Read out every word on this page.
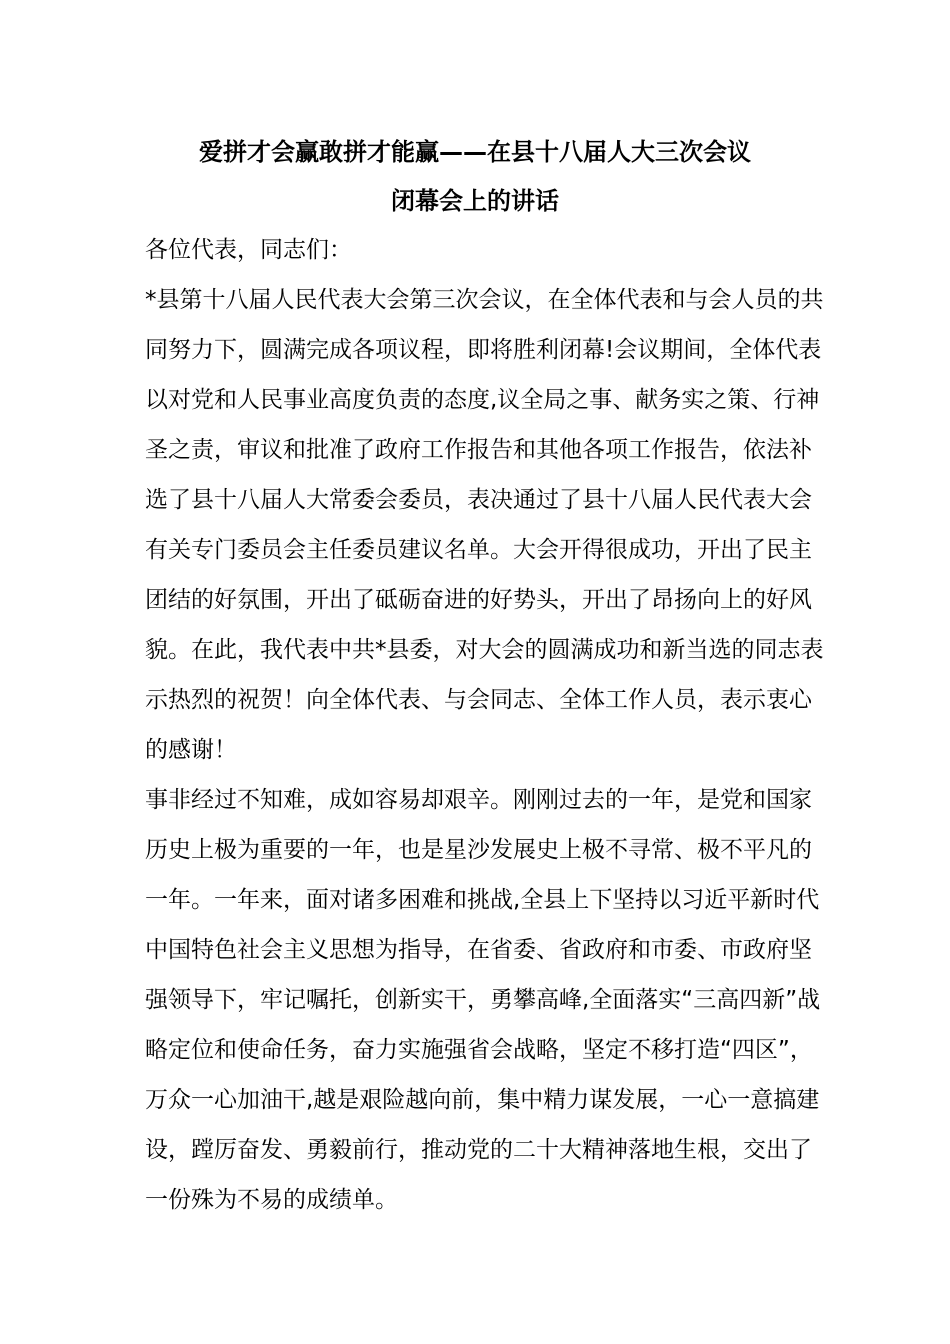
爱拼才会赢敢拼才能赢——在县十八届人大三次会议
闭幕会上的讲话
各位代表，同志们：
*县第十八届人民代表大会第三次会议，在全体代表和与会人员的共
同努力下，圆满完成各项议程，即将胜利闭幕!会议期间，全体代表
以对党和人民事业高度负责的态度,议全局之事、献务实之策、行神
圣之责，审议和批准了政府工作报告和其他各项工作报告，依法补
选了县十八届人大常委会委员，表决通过了县十八届人民代表大会
有关专门委员会主任委员建议名单。大会开得很成功，开出了民主
团结的好氛围，开出了砥砺奋进的好势头，开出了昂扬向上的好风
貌。在此，我代表中共*县委，对大会的圆满成功和新当选的同志表
示热烈的祝贺！向全体代表、与会同志、全体工作人员，表示衷心
的感谢！
事非经过不知难，成如容易却艰辛。刚刚过去的一年，是党和国家
历史上极为重要的一年，也是星沙发展史上极不寻常、极不平凡的
一年。一年来，面对诸多困难和挑战,全县上下坚持以习近平新时代
中国特色社会主义思想为指导，在省委、省政府和市委、市政府坚
强领导下，牢记嘱托，创新实干，勇攀高峰,全面落实“三高四新”战
略定位和使命任务，奋力实施强省会战略，坚定不移打造“四区”，
万众一心加油干,越是艰险越向前，集中精力谋发展，一心一意搞建
设，蹚厉奋发、勇毅前行，推动党的二十大精神落地生根，交出了
一份殊为不易的成绩单。
